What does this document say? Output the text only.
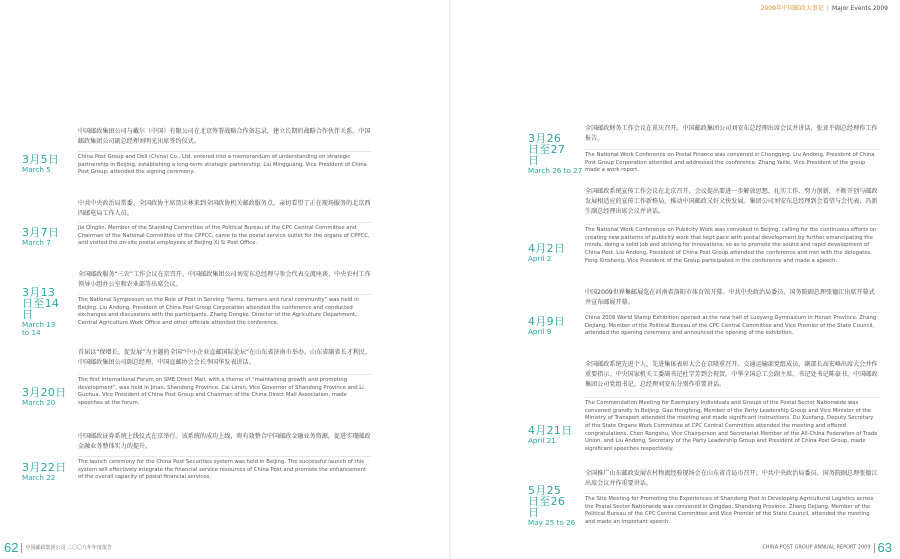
2009年中国邮政大事记 | Major Events 2009
3月5日
March 5
中国邮政集团公司与戴尔（中国）有限公司在北京签署战略合作备忘录，建立长期的战略合作伙伴关系。中国邮政集团公司副总经理刘明光出席签约仪式。
China Post Group and Dell (China) Co., Ltd. entered into a memorandum of understanding on strategic partnership in Beijing, establishing a long-term strategic partnership. Liu Mingguang, Vice President of China Post Group, attended the signing ceremony.
3月7日
March 7
中共中央政治局常委、全国政协主席贾庆林来到全国政协机关邮政服务点，亲切看望了正在现场服务的北京西四邮电局工作人员。
Jia Qinglin, Member of the Standing Committee of the Political Bureau of the CPC Central Committee and Chairman of the National Committee of the CPPCC, came to the postal service outlet for the organs of CPPCC, and visited the on-site postal employees of Beijing Xi Si Post Office.
3月13日至14日
March 13 to 14
全国邮政服务“三农”工作会议在京召开。中国邮政集团公司刘安东总经理与参会代表交流座谈，中央农村工作领导小组办公室和农业部等出席会议。
The National Symposium on the Role of Post in Serving “farms, farmers and rural community” was held in Beijing. Liu Andong, President of China Post Group Corporation attended the conference and conducted exchanges and discussions with the participants. Zhang Dongke, Director of the Agriculture Department, Central Agriculture Work Office and other officials attended the conference.
3月20日
March 20
首届以“保增长、促发展”为主题的全国“中小企业直邮国际论坛”在山东省济南市举办。山东省副省长才利民、中国邮政集团公司副总经理、中国直邮协会会长李国华发表讲话。
The first International Forum on SME Direct Mail, with a theme of “maintaining growth and promoting development”, was held in Jinan, Shandong Province. Cai Limin, Vice Governor of Shandong Province and Li Guohua, Vice President of China Post Group and Chairman of the China Direct Mail Association, made speeches at the forum.
3月22日
March 22
中国邮政证券系统上线仪式在京举行。该系统的成功上线，将有效整合中国邮政金融业务资源，促进实现邮政金融业务整体实力的提升。
The launch ceremony for the China Post Securities system was held in Beijing. The successful launch of this system will effectively integrate the financial service resources of China Post and promote the enhancement of the overall capacity of postal financial services.
3月26日至27日
March 26 to 27
全国邮政财务工作会议在重庆召开。中国邮政集团公司刘安东总经理出席会议并讲话，张亚平副总经理作工作报告。
The National Work Conference on Postal Finance was convened in Chongqing. Liu Andong, President of China Post Group Corporation attended and addressed the conference. Zhang Yaiile, Vice President of the group made a work report.
4月2日
April 2
全国邮政系统宣传工作会议在北京召开。会议提出要进一步解放思想、扎实工作、努力创新，不断开创与邮政发展相适应的宣传工作新格局，推动中国邮政又好又快发展。集团公司刘安东总经理到会看望与会代表，冯新生副总经理出席会议并讲话。
The National Work Conference on Publicity Work was convoked in Beijing, calling for the continuous efforts on creating new patterns of publicity work that kept pace with postal development by further emancipating the minds, doing a solid job and striving for innovations, so as to promote the sound and rapid development of China Post. Liu Andong, President of China Post Group attended the conference and met with the delegates. Feng Xinsheng, Vice President of the Group participated in the conference and made a speech.
4月9日
April 9
中国2009世界集邮展览在河南省洛阳市体育馆开幕。中共中央政治局委员、国务院副总理张德江出席开幕式并宣布邮展开幕。
China 2009 World Stamp Exhibition opened at the new hall of Luoyang Gymnasium in Henan Province. Zhang Dejiang, Member of the Political Bureau of the CPC Central Committee and Vice Premier of the State Council, attended the opening ceremony and announced the opening of the exhibition.
4月21日
April 21
全国邮政系统先进个人、先进集体表彰大会在京隆重召开。交通运输部党组成员、副部长高宏峰出席大会并作重要指示。中央国家机关工委副书记杜学芳到会祝贺。中华全国总工会副主席、书记处书记陈豪书，中国邮政集团公司党组书记、总经理刘安东分别作重要讲话。
The Commendation Meeting for Exemplary Individuals and Groups of the Postal Sector Nationwide was convened grandly in Beijing. Gao Hongfeng, Member of the Party Leadership Group and Vice Minister of the Ministry of Transport attended the meeting and made significant instructions. Du Xuefang, Deputy Secretary of the State Organs Work Committee of CPC Central Committee attended the meeting and offered congratulations. Chen Rongshu, Vice Chairperson and Secretariat Member of the All-China Federation of Trade Union, and Liu Andong, Secretary of the Party Leadership Group and President of China Post Group, made significant speeches respectively.
5月25日至26日
May 25 to 26
全国推广山东邮政发展农村物流经验现场会在山东省青岛市召开。中共中央政治局委员、国务院副总理张德江出席会议并作重要讲话。
The Site Meeting for Promoting the Experiences of Shandong Post in Developing Agricultural Logistics across the Postal Sector Nationwide was convened in Qingdao, Shandong Province. Zhang Dejiang, Member of the Political Bureau of the CPC Central Committee and Vice Premier of the State Council, attended the meeting and made an important speech.
62 中国邮政集团公司 二〇〇九年年度报告	CHINA POST GROUP ANNUAL REPORT 2009 63
